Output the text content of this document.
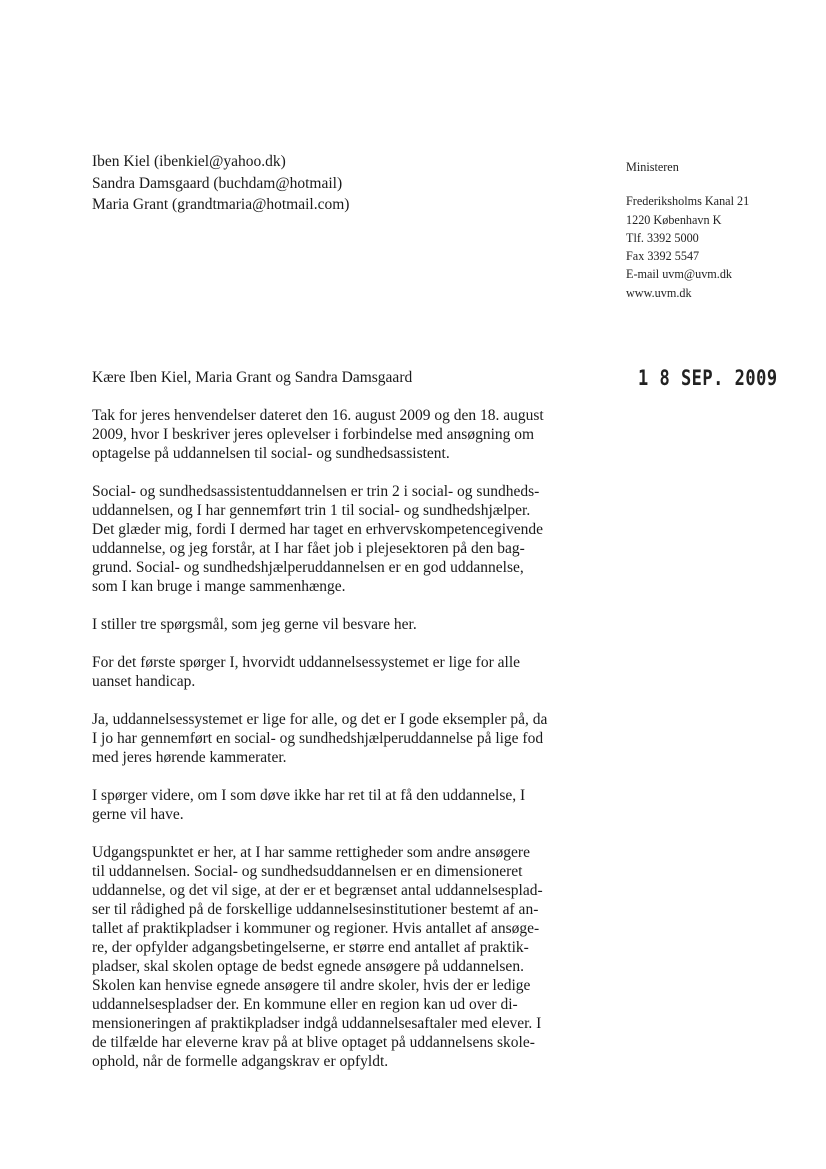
Iben Kiel (ibenkiel@yahoo.dk)
Sandra Damsgaard (buchdam@hotmail)
Maria Grant (grandtmaria@hotmail.com)
Ministeren
Frederiksholms Kanal 21
1220 København K
Tlf. 3392 5000
Fax 3392 5547
E-mail uvm@uvm.dk
www.uvm.dk
1 8 SEP. 2009
Kære Iben Kiel, Maria Grant og Sandra Damsgaard
Tak for jeres henvendelser dateret den 16. august 2009 og den 18. august
2009, hvor I beskriver jeres oplevelser i forbindelse med ansøgning om
optagelse på uddannelsen til social- og sundhedsassistent.
Social- og sundhedsassistentuddannelsen er trin 2 i social- og sundheds-
uddannelsen, og I har gennemført trin 1 til social- og sundhedshjælper.
Det glæder mig, fordi I dermed har taget en erhvervskompetencegivende
uddannelse, og jeg forstår, at I har fået job i plejesektoren på den bag-
grund. Social- og sundhedshjælperuddannelsen er en god uddannelse,
som I kan bruge i mange sammenhænge.
I stiller tre spørgsmål, som jeg gerne vil besvare her.
For det første spørger I, hvorvidt uddannelsessystemet er lige for alle
uanset handicap.
Ja, uddannelsessystemet er lige for alle, og det er I gode eksempler på, da
I jo har gennemført en social- og sundhedshjælperuddannelse på lige fod
med jeres hørende kammerater.
I spørger videre, om I som døve ikke har ret til at få den uddannelse, I
gerne vil have.
Udgangspunktet er her, at I har samme rettigheder som andre ansøgere
til uddannelsen. Social- og sundhedsuddannelsen er en dimensioneret
uddannelse, og det vil sige, at der er et begrænset antal uddannelsesplad-
ser til rådighed på de forskellige uddannelsesinstitutioner bestemt af an-
tallet af praktikpladser i kommuner og regioner. Hvis antallet af ansøge-
re, der opfylder adgangsbetingelserne, er større end antallet af praktik-
pladser, skal skolen optage de bedst egnede ansøgere på uddannelsen.
Skolen kan henvise egnede ansøgere til andre skoler, hvis der er ledige
uddannelsespladser der. En kommune eller en region kan ud over di-
mensioneringen af praktikpladser indgå uddannelsesaftaler med elever. I
de tilfælde har eleverne krav på at blive optaget på uddannelsens skole-
ophold, når de formelle adgangskrav er opfyldt.
